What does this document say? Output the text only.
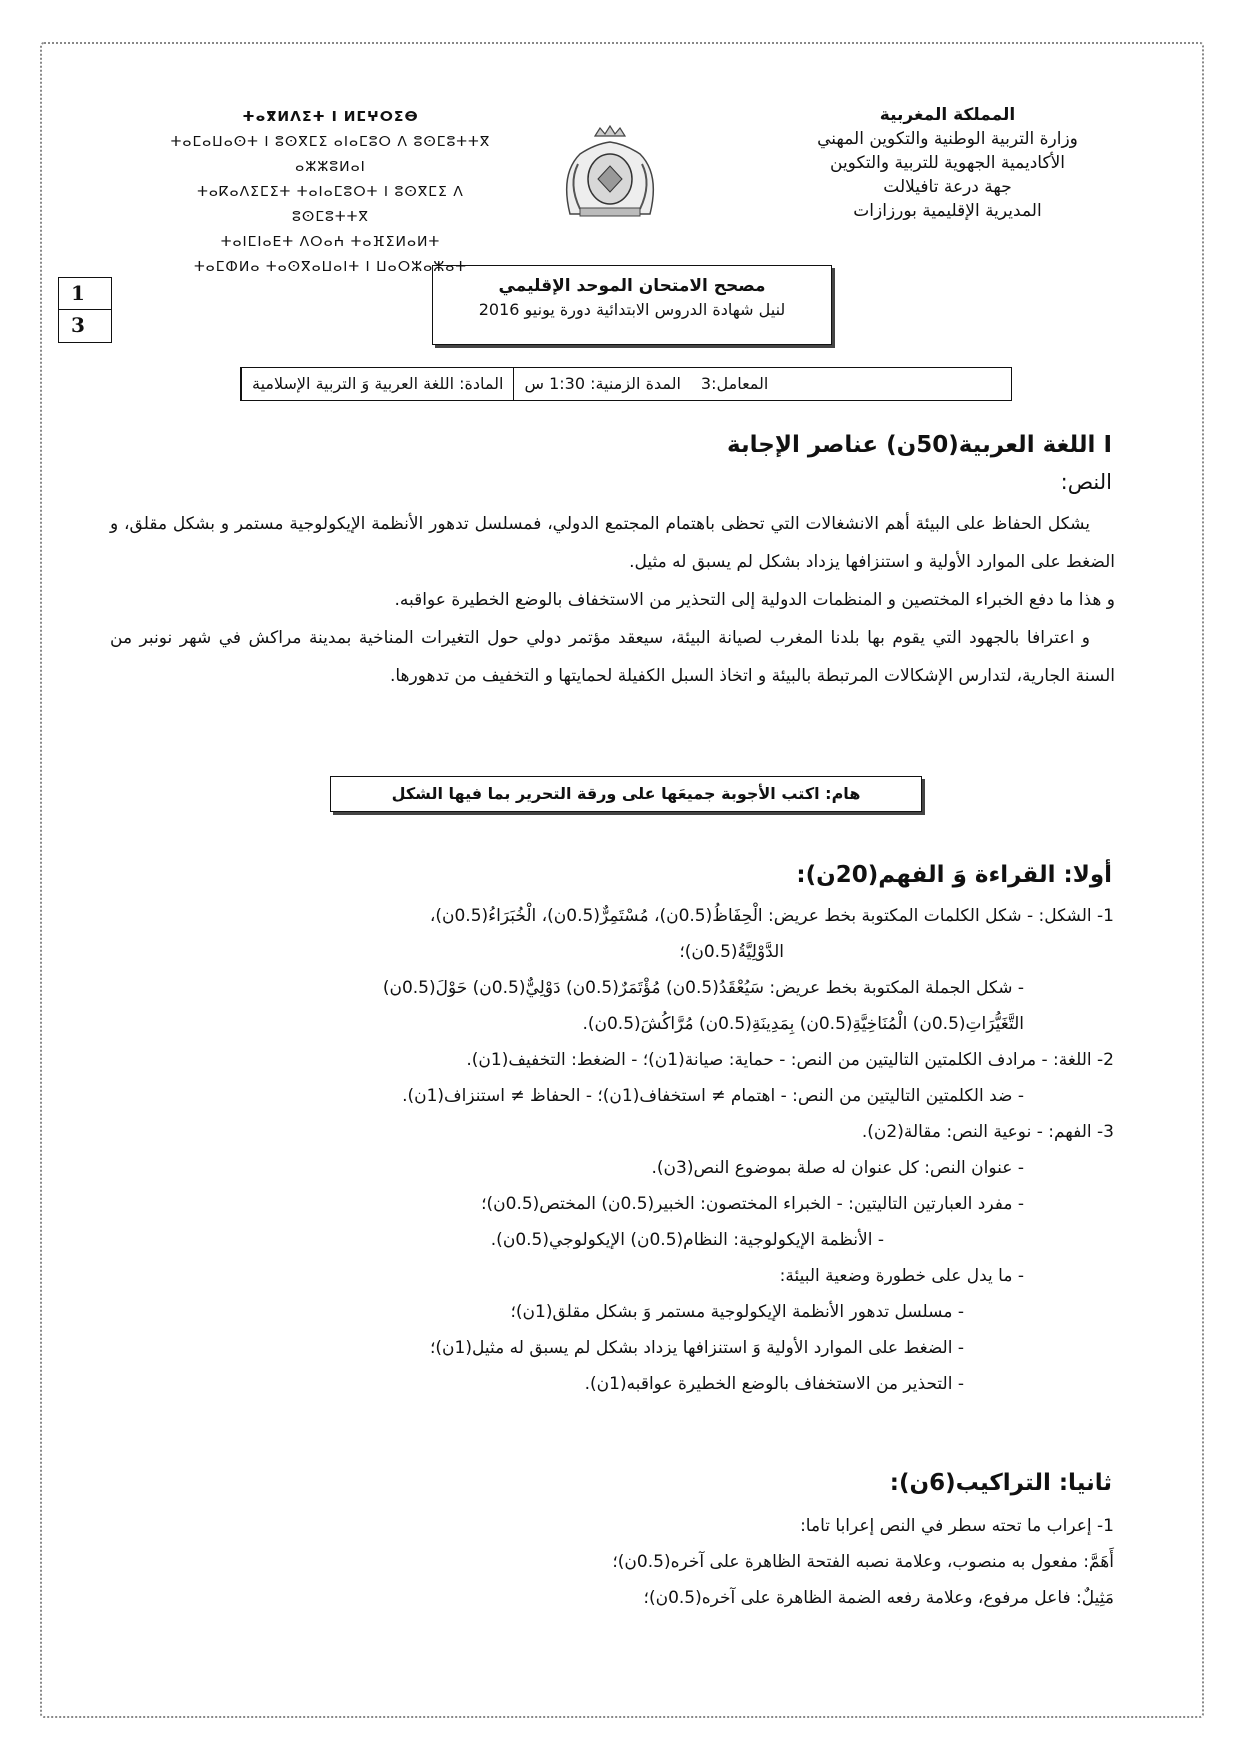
ⵜⴰⴳⵍⴷⵉⵜ ⵏ ⵍⵎⵖⵔⵉⴱ
ⵜⴰⵎⴰⵡⴰⵙⵜ ⵏ ⵓⵙⴳⵎⵉ ⴰⵏⴰⵎⵓⵔ ⴷ ⵓⵙⵎⵓⵜⵜⴳ ⴰⵣⵣⵓⵍⴰⵏ
ⵜⴰⴽⴰⴷⵉⵎⵉⵜ ⵜⴰⵏⴰⵎⵓⵔⵜ ⵏ ⵓⵙⴳⵎⵉ ⴷ ⵓⵙⵎⵓⵜⵜⴳ
ⵜⴰⵏⵎⵏⴰⴹⵜ ⴷⵔⴰⵄ ⵜⴰⴼⵉⵍⴰⵍⵜ
ⵜⴰⵎⵀⵍⴰ ⵜⴰⵙⴳⴰⵡⴰⵏⵜ ⵏ ⵡⴰⵔⵣⴰⵣⴰⵜ
المملكة المغربية
وزارة التربية الوطنية والتكوين المهني
الأكاديمية الجهوية للتربية والتكوين
جهة درعة تافيلالت
المديرية الإقليمية بورزازات
1
3
مصحح الامتحان الموحد الإقليمي
لنيل شهادة الدروس الابتدائية دورة يونيو 2016
المادة: اللغة العربية وَ التربية الإسلامية	المدة الزمنية: 1:30 س	المعامل:3
I اللغة العربية(50ن) عناصر الإجابة
النص:
يشكل الحفاظ على البيئة أهم الانشغالات التي تحظى باهتمام المجتمع الدولي، فمسلسل تدهور الأنظمة الإيكولوجية مستمر و بشكل مقلق، و الضغط على الموارد الأولية و استنزافها يزداد بشكل لم يسبق له مثيل.
و هذا ما دفع الخبراء المختصين و المنظمات الدولية إلى التحذير من الاستخفاف بالوضع الخطيرة عواقبه.
و اعترافا بالجهود التي يقوم بها بلدنا المغرب لصيانة البيئة، سيعقد مؤتمر دولي حول التغيرات المناخية بمدينة مراكش في شهر نونبر من السنة الجارية، لتدارس الإشكالات المرتبطة بالبيئة و اتخاذ السبل الكفيلة لحمايتها و التخفيف من تدهورها.
هام: اكتب الأجوبة جميعَها على ورقة التحرير بما فيها الشكل
أولا: القراءة وَ الفهم(20ن):
1- الشكل: - شكل الكلمات المكتوبة بخط عريض: الْحِفَاظُ(0.5ن)، مُسْتَمِرٌّ(0.5ن)، الْخُبَرَاءُ(0.5ن)،
الدَّوْلِيَّةُ(0.5ن)؛
- شكل الجملة المكتوبة بخط عريض: سَيُعْقَدُ(0.5ن) مُؤْتَمَرٌ(0.5ن) دَوْلِيٌّ(0.5ن) حَوْلَ(0.5ن)
التَّغَيُّرَاتِ(0.5ن) الْمُنَاخِيَّةِ(0.5ن) بِمَدِينَةِ(0.5ن) مُرَّاكُشَ(0.5ن).
2- اللغة: - مرادف الكلمتين التاليتين من النص: - حماية: صيانة(1ن)؛ - الضغط: التخفيف(1ن).
- ضد الكلمتين التاليتين من النص: - اهتمام ≠ استخفاف(1ن)؛ - الحفاظ ≠ استنزاف(1ن).
3- الفهم: - نوعية النص: مقالة(2ن).
- عنوان النص: كل عنوان له صلة بموضوع النص(3ن).
- مفرد العبارتين التاليتين: - الخبراء المختصون: الخبير(0.5ن) المختص(0.5ن)؛
- الأنظمة الإيكولوجية: النظام(0.5ن) الإيكولوجي(0.5ن).
- ما يدل على خطورة وضعية البيئة:
- مسلسل تدهور الأنظمة الإيكولوجية مستمر وَ بشكل مقلق(1ن)؛
- الضغط على الموارد الأولية وَ استنزافها يزداد بشكل لم يسبق له مثيل(1ن)؛
- التحذير من الاستخفاف بالوضع الخطيرة عواقبه(1ن).
ثانيا: التراكيب(6ن):
1- إعراب ما تحته سطر في النص إعرابا تاما:
أَهَمَّ: مفعول به منصوب، وعلامة نصبه الفتحة الظاهرة على آخره(0.5ن)؛
مَثِيلٌ: فاعل مرفوع، وعلامة رفعه الضمة الظاهرة على آخره(0.5ن)؛
